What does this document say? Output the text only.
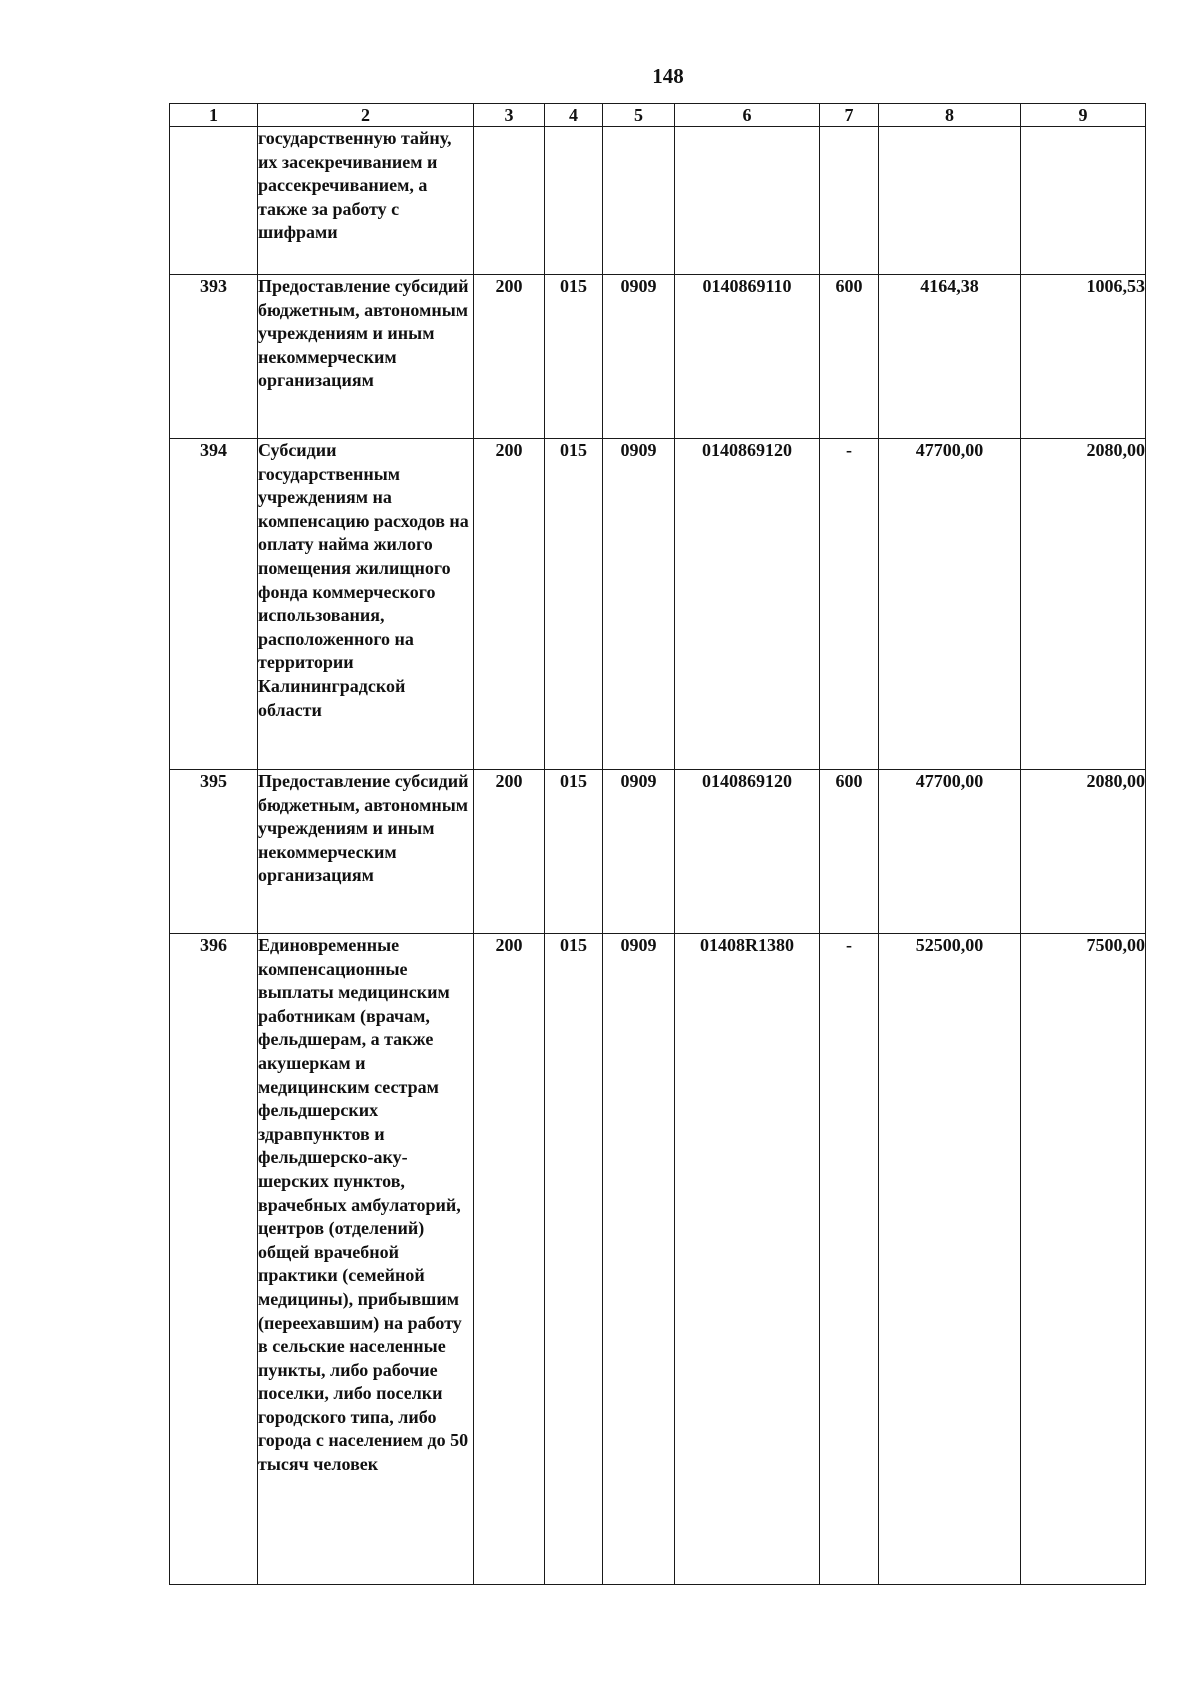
148
1	2	3	4	5	6	7	8	9

	государственную тайну, их засекречиванием и рассекречиванием, а также за работу с шифрами							

393	Предоставление субсидий бюджетным, автономным учреждениям и иным некоммерческим организациям	200	015	0909	0140869110	600	4164,38	1006,53
394	Субсидии государственным учреждениям на компенсацию расходов на оплату найма жилого помещения жилищного фонда коммерческого использования, расположенного на территории Калининградской области	200	015	0909	0140869120	-	47700,00	2080,00
395	Предоставление субсидий бюджетным, автономным учреждениям и иным некоммерческим организациям	200	015	0909	0140869120	600	47700,00	2080,00
396	Единовременные компенсационные выплаты медицинским работникам (врачам, фельдшерам, а также акушеркам и медицинским сестрам фельдшерских здравпунктов и фельдшерско-аку-шерских пунктов, врачебных амбулаторий, центров (отделений) общей врачебной практики (семейной медицины), прибывшим (переехавшим) на работу в сельские населенные пункты, либо рабочие поселки, либо поселки городского типа, либо города с населением до 50 тысяч человек	200	015	0909	01408R1380	-	52500,00	7500,00
